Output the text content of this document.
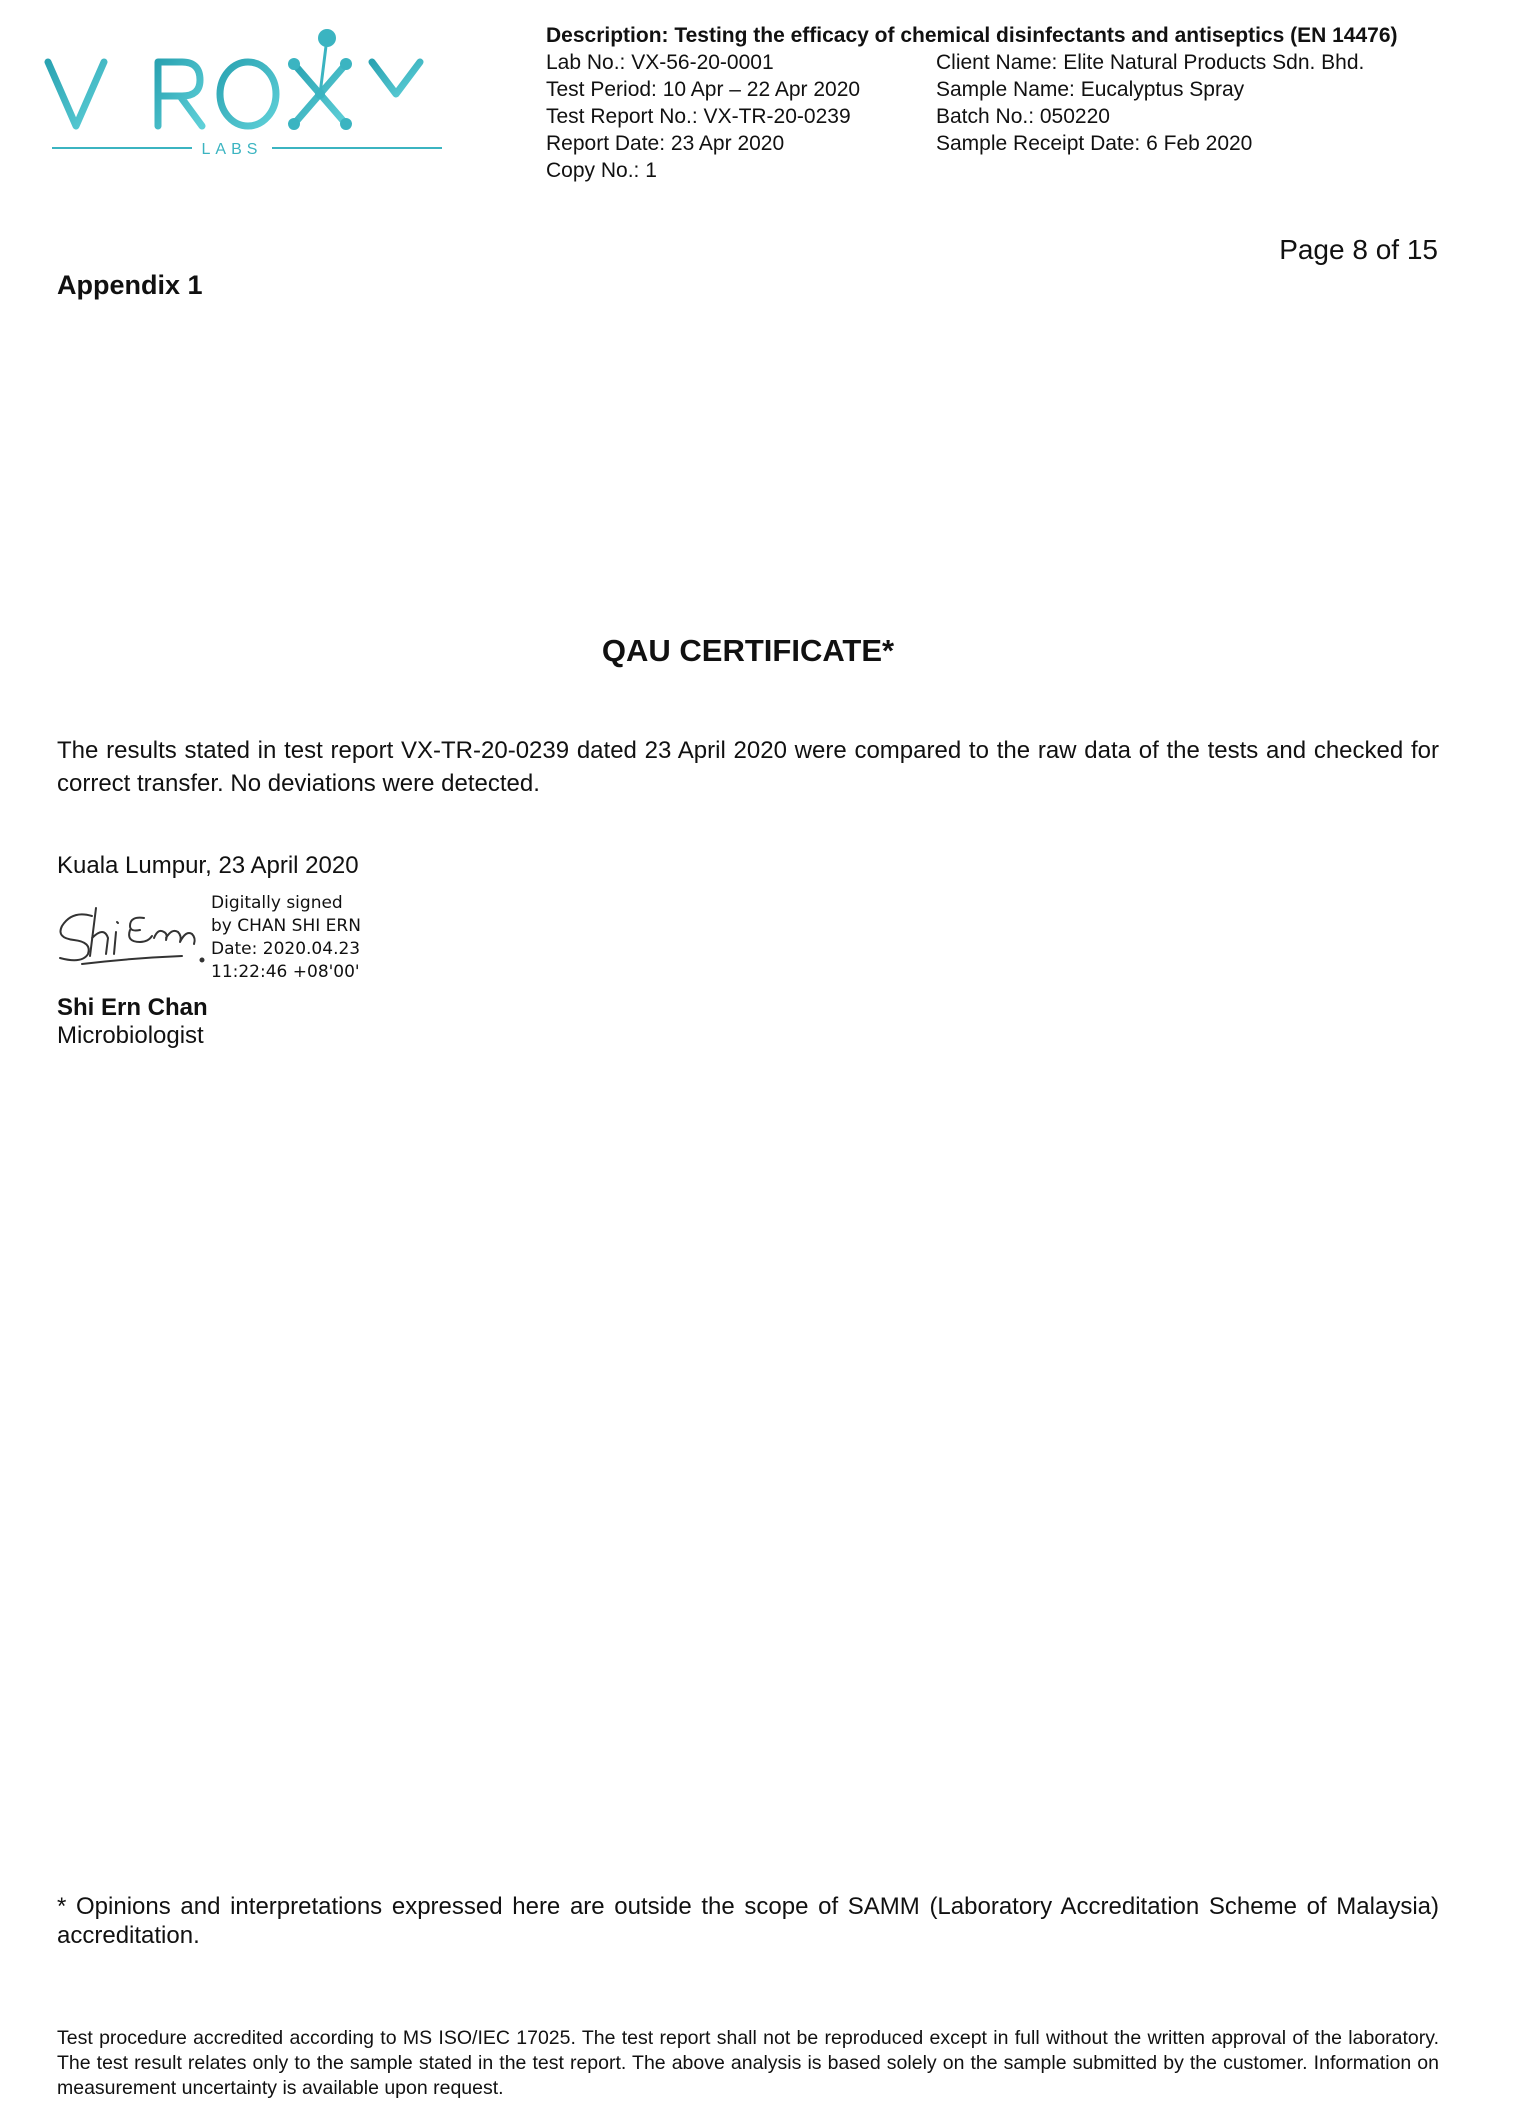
LABS
Description: Testing the efficacy of chemical disinfectants and antiseptics (EN 14476)
Lab No.: VX-56-20-0001
Test Period: 10 Apr – 22 Apr 2020
Test Report No.: VX-TR-20-0239
Report Date: 23 Apr 2020
Copy No.: 1
Client Name: Elite Natural Products Sdn. Bhd.
Sample Name: Eucalyptus Spray
Batch No.: 050220
Sample Receipt Date: 6 Feb 2020
Page 8 of 15
Appendix 1
QAU CERTIFICATE*
The results stated in test report VX-TR-20-0239 dated 23 April 2020 were compared to the raw data of the tests and checked for correct transfer. No deviations were detected.
Kuala Lumpur, 23 April 2020
Digitally signed
by CHAN SHI ERN
Date: 2020.04.23
11:22:46 +08'00'
Shi Ern Chan
Microbiologist
* Opinions and interpretations expressed here are outside the scope of SAMM (Laboratory Accreditation Scheme of Malaysia) accreditation.
Test procedure accredited according to MS ISO/IEC 17025. The test report shall not be reproduced except in full without the written approval of the laboratory. The test result relates only to the sample stated in the test report. The above analysis is based solely on the sample submitted by the customer. Information on measurement uncertainty is available upon request.
